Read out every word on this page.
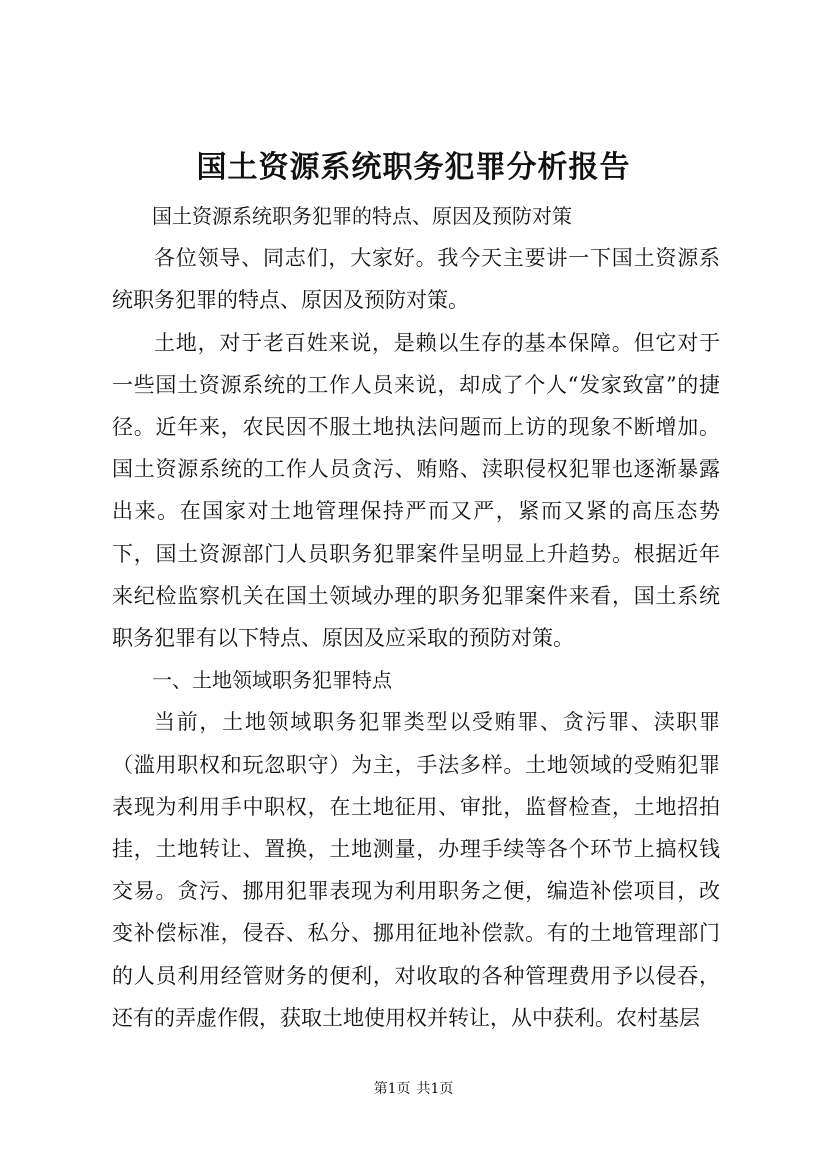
国土资源系统职务犯罪分析报告

国土资源系统职务犯罪的特点、原因及预防对策

各位领导、同志们，大家好。我今天主要讲一下国土资源系统职务犯罪的特点、原因及预防对策。

土地，对于老百姓来说，是赖以生存的基本保障。但它对于一些国土资源系统的工作人员来说，却成了个人“发家致富”的捷径。近年来，农民因不服土地执法问题而上访的现象不断增加。国土资源系统的工作人员贪污、贿赂、渎职侵权犯罪也逐渐暴露出来。在国家对土地管理保持严而又严，紧而又紧的高压态势下，国土资源部门人员职务犯罪案件呈明显上升趋势。根据近年来纪检监察机关在国土领域办理的职务犯罪案件来看，国土系统职务犯罪有以下特点、原因及应采取的预防对策。

一、土地领域职务犯罪特点

当前，土地领域职务犯罪类型以受贿罪、贪污罪、渎职罪（滥用职权和玩忽职守）为主，手法多样。土地领域的受贿犯罪表现为利用手中职权，在土地征用、审批，监督检查，土地招拍挂，土地转让、置换，土地测量，办理手续等各个环节上搞权钱交易。贪污、挪用犯罪表现为利用职务之便，编造补偿项目，改变补偿标准，侵吞、私分、挪用征地补偿款。有的土地管理部门的人员利用经管财务的便利，对收取的各种管理费用予以侵吞，还有的弄虚作假，获取土地使用权并转让，从中获利。农村基层

第1页 共1页
